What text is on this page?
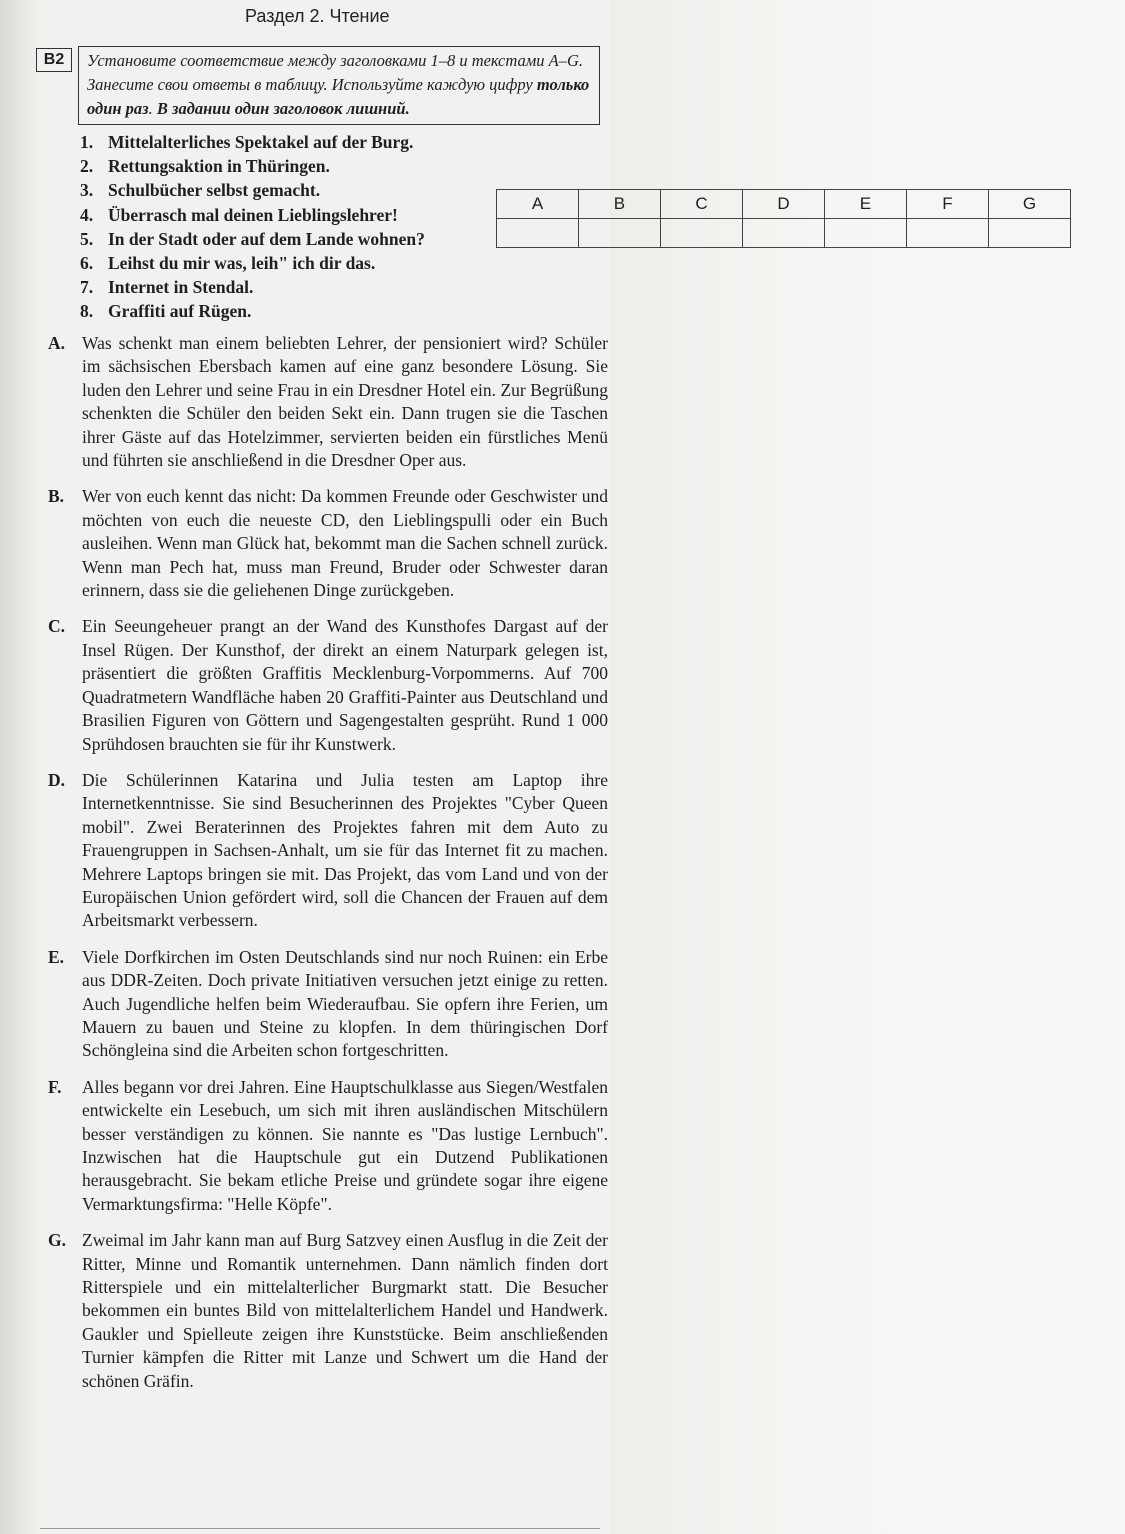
Раздел 2. Чтение
B2	Установите соответствие между заголовками 1–8 и текстами А–G. Занесите свои ответы в таблицу. Используйте каждую цифру только один раз. В задании один заголовок лишний.
1. Mittelalterliches Spektakel auf der Burg.
2. Rettungsaktion in Thüringen.
3. Schulbücher selbst gemacht.
4. Überrasch mal deinen Lieblingslehrer!
5. In der Stadt oder auf dem Lande wohnen?
6. Leihst du mir was, leih" ich dir das.
7. Internet in Stendal.
8. Graffiti auf Rügen.
A	B	C	D	E	F	G

A. Was schenkt man einem beliebten Lehrer, der pensioniert wird? Schüler im sächsischen Ebersbach kamen auf eine ganz besondere Lösung. Sie luden den Lehrer und seine Frau in ein Dresdner Hotel ein. Zur Begrüßung schenkten die Schüler den beiden Sekt ein. Dann trugen sie die Taschen ihrer Gäste auf das Hotelzimmer, servierten beiden ein fürstliches Menü und führten sie anschließend in die Dresdner Oper aus.
B. Wer von euch kennt das nicht: Da kommen Freunde oder Geschwister und möchten von euch die neueste CD, den Lieblingspulli oder ein Buch ausleihen. Wenn man Glück hat, bekommt man die Sachen schnell zurück. Wenn man Pech hat, muss man Freund, Bruder oder Schwester daran erinnern, dass sie die geliehenen Dinge zurückgeben.
C. Ein Seeungeheuer prangt an der Wand des Kunsthofes Dargast auf der Insel Rügen. Der Kunsthof, der direkt an einem Naturpark gelegen ist, präsentiert die größten Graffitis Mecklenburg-Vorpommerns. Auf 700 Quadratmetern Wandfläche haben 20 Graffiti-Painter aus Deutschland und Brasilien Figuren von Göttern und Sagengestalten gesprüht. Rund 1 000 Sprühdosen brauchten sie für ihr Kunstwerk.
D. Die Schülerinnen Katarina und Julia testen am Laptop ihre Internetkenntnisse. Sie sind Besucherinnen des Projektes "Cyber Queen mobil". Zwei Beraterinnen des Projektes fahren mit dem Auto zu Frauengruppen in Sachsen-Anhalt, um sie für das Internet fit zu machen. Mehrere Laptops bringen sie mit. Das Projekt, das vom Land und von der Europäischen Union gefördert wird, soll die Chancen der Frauen auf dem Arbeitsmarkt verbessern.
E. Viele Dorfkirchen im Osten Deutschlands sind nur noch Ruinen: ein Erbe aus DDR-Zeiten. Doch private Initiativen versuchen jetzt einige zu retten. Auch Jugendliche helfen beim Wiederaufbau. Sie opfern ihre Ferien, um Mauern zu bauen und Steine zu klopfen. In dem thüringischen Dorf Schöngleina sind die Arbeiten schon fortgeschritten.
F. Alles begann vor drei Jahren. Eine Hauptschulklasse aus Siegen/Westfalen entwickelte ein Lesebuch, um sich mit ihren ausländischen Mitschülern besser verständigen zu können. Sie nannte es "Das lustige Lernbuch". Inzwischen hat die Hauptschule gut ein Dutzend Publikationen herausgebracht. Sie bekam etliche Preise und gründete sogar ihre eigene Vermarktungsfirma: "Helle Köpfe".
G. Zweimal im Jahr kann man auf Burg Satzvey einen Ausflug in die Zeit der Ritter, Minne und Romantik unternehmen. Dann nämlich finden dort Ritterspiele und ein mittelalterlicher Burgmarkt statt. Die Besucher bekommen ein buntes Bild von mittelalterlichem Handel und Handwerk. Gaukler und Spielleute zeigen ihre Kunststücke. Beim anschließenden Turnier kämpfen die Ritter mit Lanze und Schwert um die Hand der schönen Gräfin.
